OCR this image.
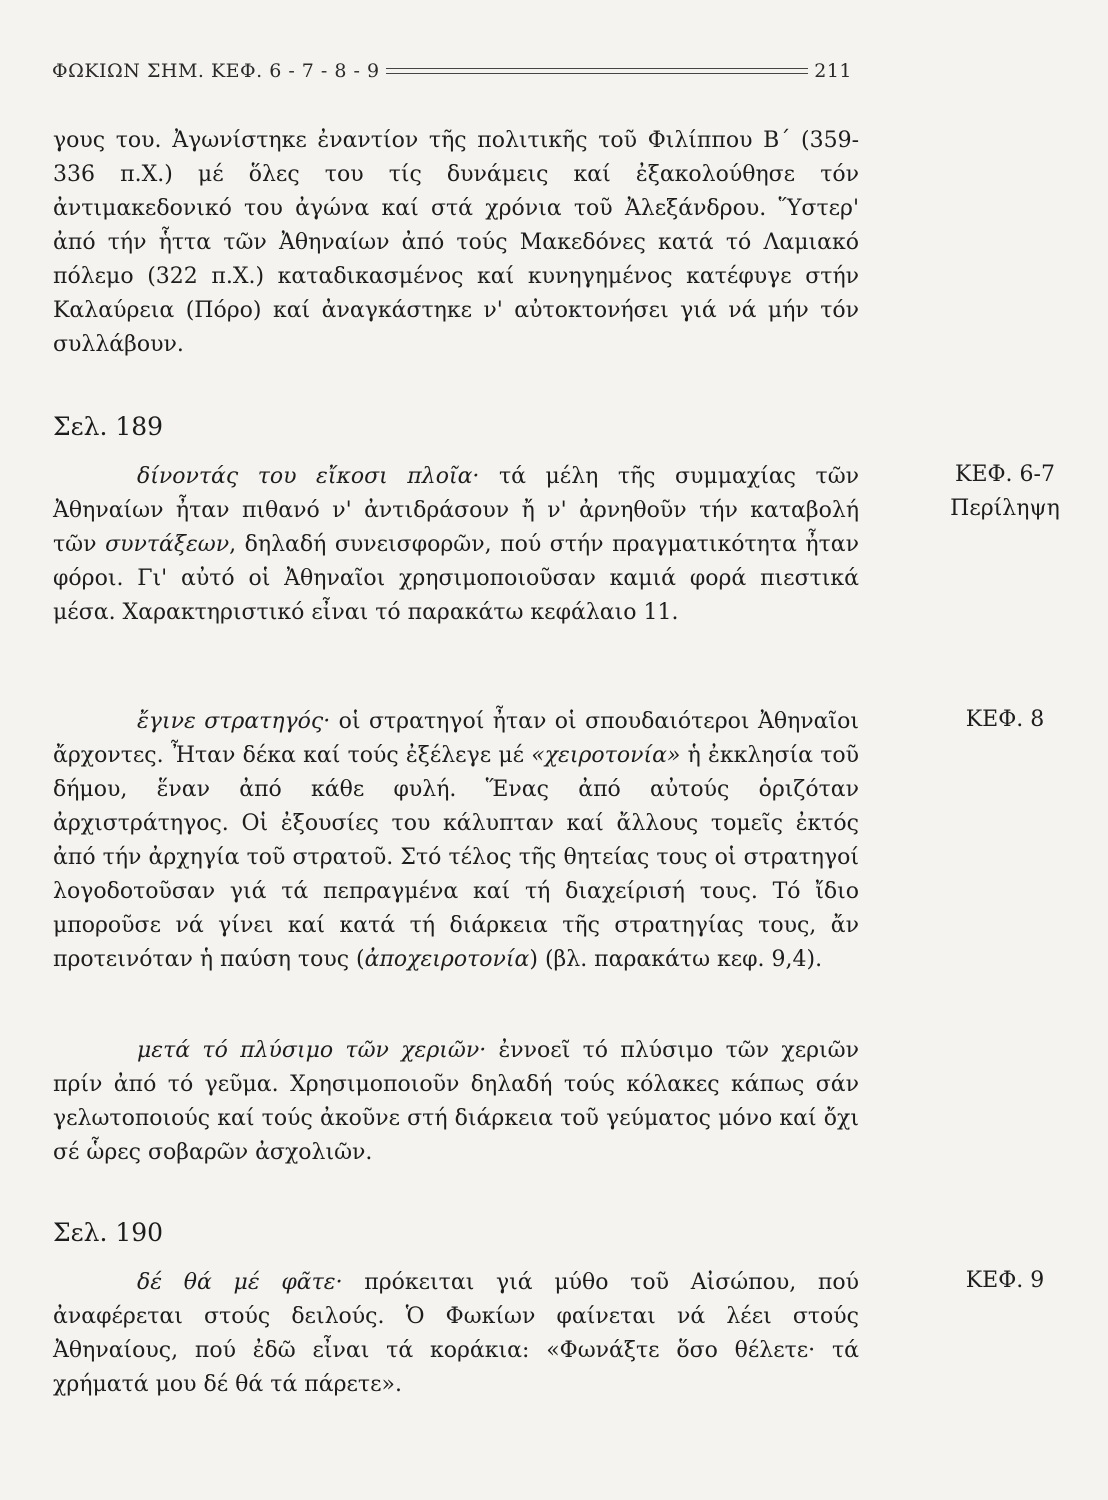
ΦΩΚΙΩΝ ΣΗΜ. ΚΕΦ. 6 - 7 - 8 - 9	211

γους του. Ἀγωνίστηκε ἐναντίον τῆς πολιτικῆς τοῦ Φιλίππου Β΄ (359-336 π.Χ.) μέ ὅλες του τίς δυνάμεις καί ἐξακολούθησε τόν ἀντιμακεδονικό του ἀγώνα καί στά χρόνια τοῦ Ἀλεξάνδρου. Ὕστερ' ἀπό τήν ἧττα τῶν Ἀθηναίων ἀπό τούς Μακεδόνες κατά τό Λαμιακό πόλεμο (322 π.Χ.) καταδικασμένος καί κυνηγημένος κατέφυγε στήν Καλαύρεια (Πόρο) καί ἀναγκάστηκε ν' αὐτοκτονήσει γιά νά μήν τόν συλλάβουν.

Σελ. 189

δίνοντάς του εἴκοσι πλοῖα· τά μέλη τῆς συμμαχίας τῶν Ἀθηναίων ἦταν πιθανό ν' ἀντιδράσουν ἤ ν' ἀρνηθοῦν τήν καταβολή τῶν συντάξεων, δηλαδή συνεισφορῶν, πού στήν πραγματικότητα ἦταν φόροι. Γι' αὐτό οἱ Ἀθηναῖοι χρησιμοποιοῦσαν καμιά φορά πιεστικά μέσα. Χαρακτηριστικό εἶναι τό παρακάτω κεφάλαιο 11.

ΚΕΦ. 6-7
Περίληψη

ἔγινε στρατηγός· οἱ στρατηγοί ἦταν οἱ σπουδαιότεροι Ἀθηναῖοι ἄρχοντες. Ἦταν δέκα καί τούς ἐξέλεγε μέ «χειροτονία» ἡ ἐκκλησία τοῦ δήμου, ἕναν ἀπό κάθε φυλή. Ἕνας ἀπό αὐτούς ὁριζόταν ἀρχιστράτηγος. Οἱ ἐξουσίες του κάλυπταν καί ἄλλους τομεῖς ἐκτός ἀπό τήν ἀρχηγία τοῦ στρατοῦ. Στό τέλος τῆς θητείας τους οἱ στρατηγοί λογοδοτοῦσαν γιά τά πεπραγμένα καί τή διαχείρισή τους. Τό ἴδιο μποροῦσε νά γίνει καί κατά τή διάρκεια τῆς στρατηγίας τους, ἄν προτεινόταν ἡ παύση τους (ἀποχειροτονία) (βλ. παρακάτω κεφ. 9,4).

ΚΕΦ. 8

μετά τό πλύσιμο τῶν χεριῶν· ἐννοεῖ τό πλύσιμο τῶν χεριῶν πρίν ἀπό τό γεῦμα. Χρησιμοποιοῦν δηλαδή τούς κόλακες κάπως σάν γελωτοποιούς καί τούς ἀκοῦνε στή διάρκεια τοῦ γεύματος μόνο καί ὄχι σέ ὧρες σοβαρῶν ἀσχολιῶν.

Σελ. 190

δέ θά μέ φᾶτε· πρόκειται γιά μύθο τοῦ Αἰσώπου, πού ἀναφέρεται στούς δειλούς. Ὁ Φωκίων φαίνεται νά λέει στούς Ἀθηναίους, πού ἐδῶ εἶναι τά κοράκια: «Φωνάξτε ὅσο θέλετε· τά χρήματά μου δέ θά τά πάρετε».

ΚΕΦ. 9
